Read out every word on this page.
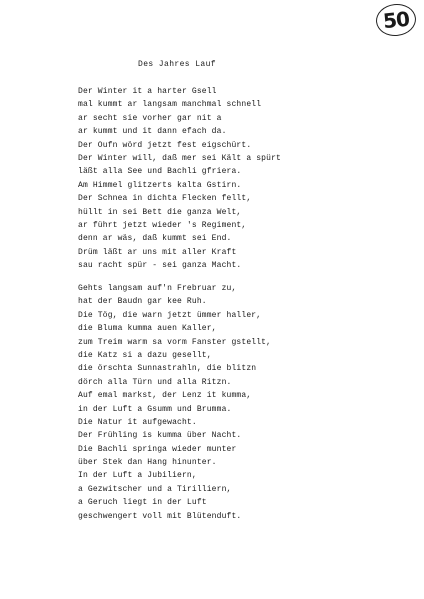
50
Des Jahres Lauf
Der Winter it a harter Gsell
mal kummt ar langsam manchmal schnell
ar secht sie vorher gar nit a
ar kummt und it dann efach da.
Der Oufn wörd jetzt fest eigschürt.
Der Winter will, daß mer sei Kält a spürt
läßt alla See und Bachli gfriera.
Am Himmel glitzerts kalta Gstirn.
Der Schnea in dichta Flecken fellt,
hüllt in sei Bett die ganza Welt,
ar führt jetzt wieder 's Regiment,
denn ar wäs, daß kummt sei End.
Drüm läßt ar uns mit aller Kraft
sau racht spür - sei ganza Macht.
Gehts langsam auf'n Frebruar zu,
hat der Baudn gar kee Ruh.
Die Tög, die warn jetzt ümmer haller,
die Bluma kumma auen Kaller,
zum Treim warm sa vorm Fanster gstellt,
die Katz si a dazu gesellt,
die örschta Sunnastrahln, die blitzn
dörch alla Türn und alla Ritzn.
Auf emal markst, der Lenz it kumma,
in der Luft a Gsumm und Brumma.
Die Natur it aufgewacht.
Der Frühling is kumma über Nacht.
Die Bachli springa wieder munter
über Stek dan Hang hinunter.
In der Luft a Jubiliern,
a Gezwitscher und a Tirilliern,
a Geruch liegt in der Luft
geschwengert voll mit Blütenduft.
